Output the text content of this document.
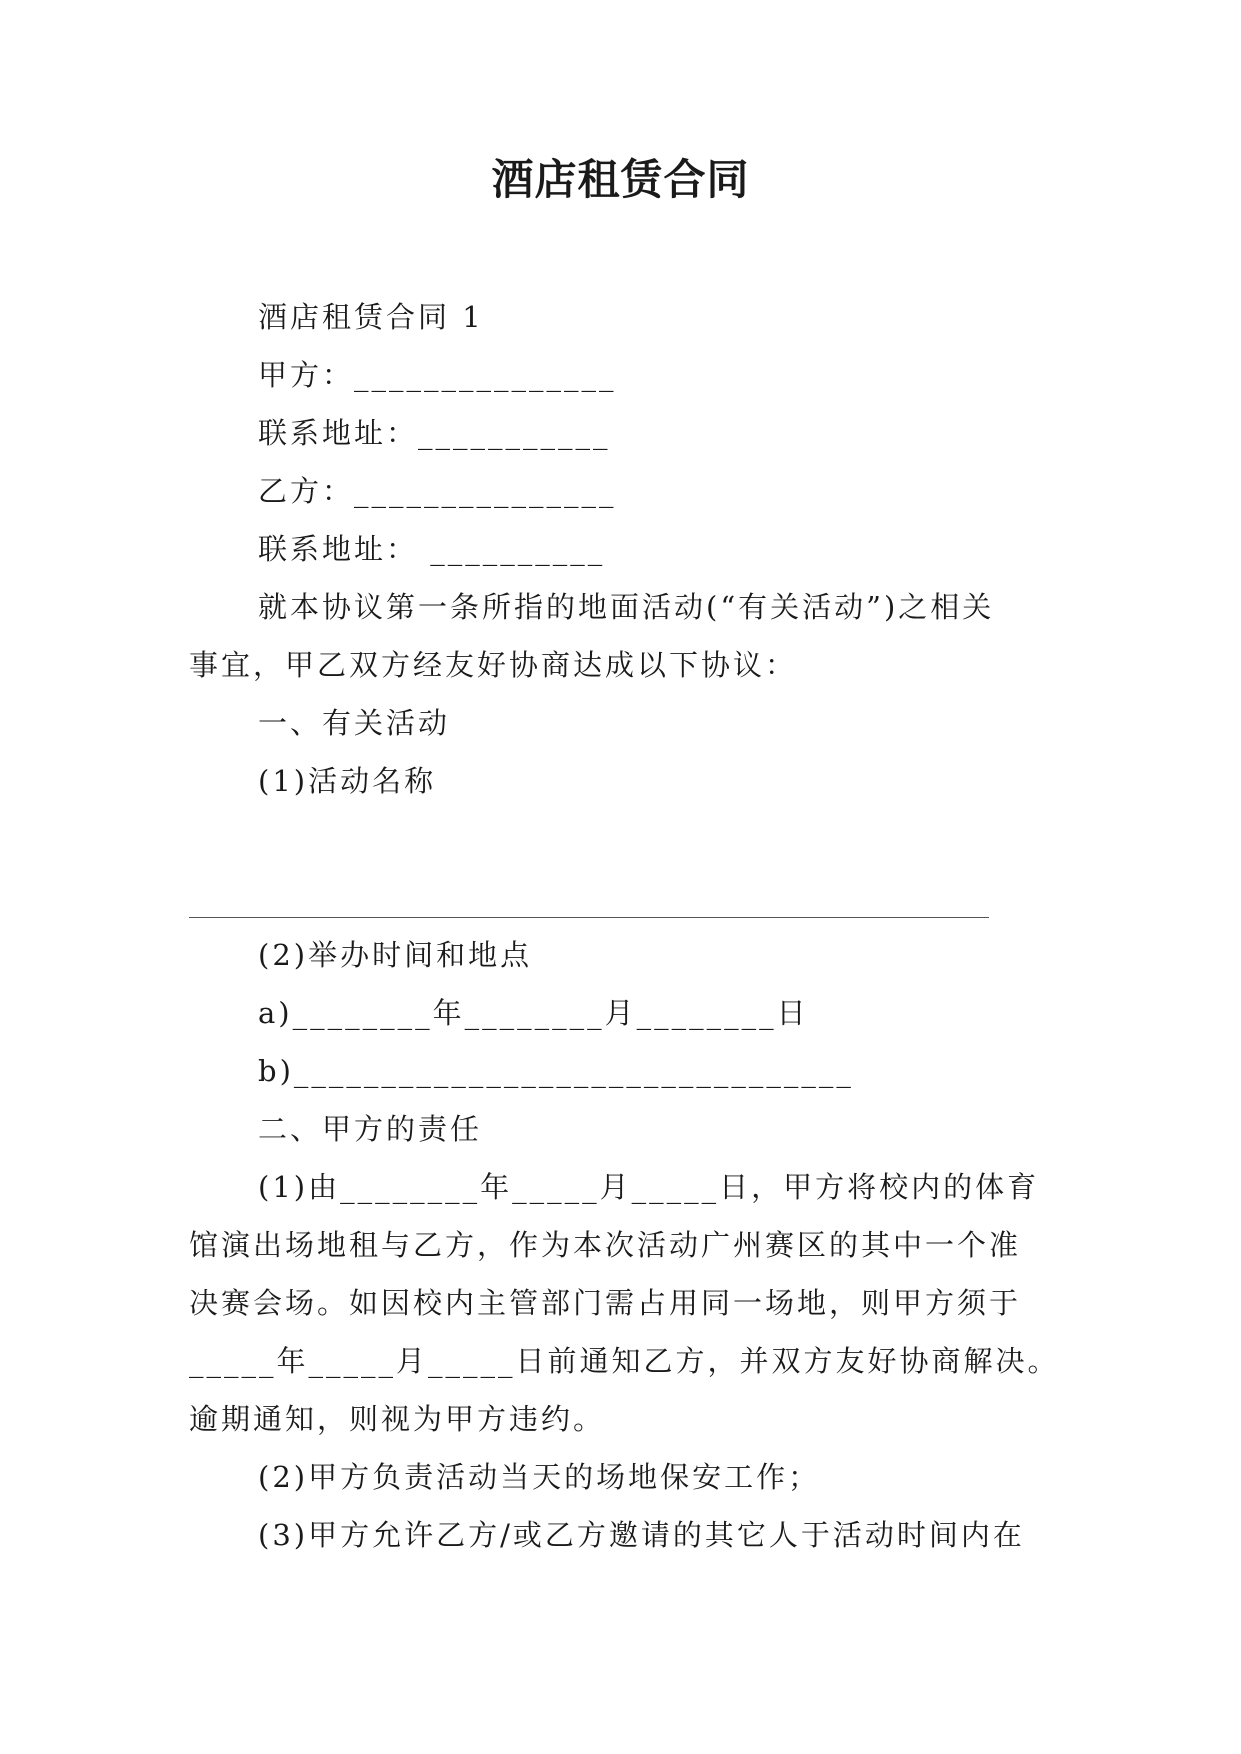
酒店租赁合同
酒店租赁合同 1
甲方：_______________
联系地址：___________
乙方：_______________
联系地址： __________
就本协议第一条所指的地面活动(“有关活动”)之相关
事宜，甲乙双方经友好协商达成以下协议：
一、有关活动
(1)活动名称
(2)举办时间和地点
a)________年________月________日
b)________________________________
二、甲方的责任
(1)由________年_____月_____日，甲方将校内的体育
馆演出场地租与乙方，作为本次活动广州赛区的其中一个准
决赛会场。如因校内主管部门需占用同一场地，则甲方须于
_____年_____月_____日前通知乙方，并双方友好协商解决。
逾期通知，则视为甲方违约。
(2)甲方负责活动当天的场地保安工作；
(3)甲方允许乙方/或乙方邀请的其它人于活动时间内在
